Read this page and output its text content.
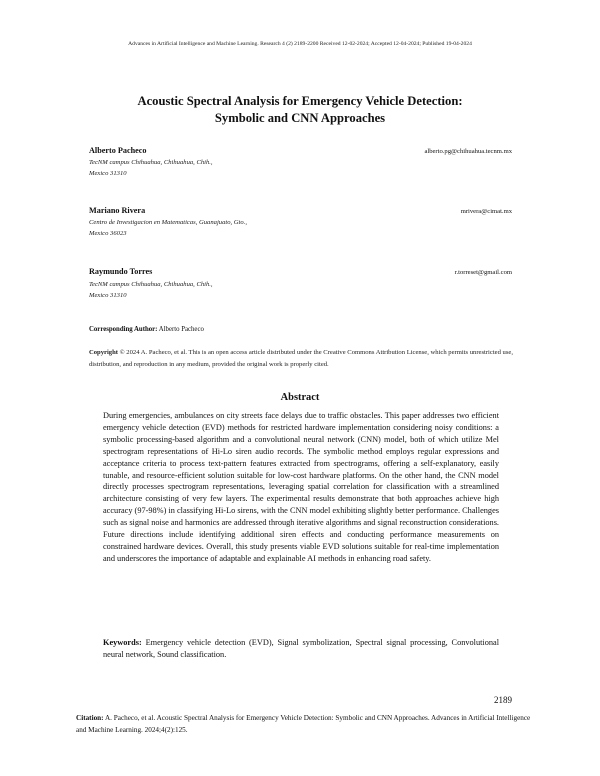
Advances in Artificial Intelligence and Machine Learning. Research 4 (2) 2189-2200 Received 12-02-2024; Accepted 12-04-2024; Published 19-04-2024
Acoustic Spectral Analysis for Emergency Vehicle Detection:
Symbolic and CNN Approaches
Alberto Pacheco	alberto.pg@chihuahua.tecnm.mx
TecNM campus Chihuahua, Chihuahua, Chih.,
Mexico 31310
Mariano Rivera	mrivera@cimat.mx
Centro de Investigacion en Matematicas, Guanajuato, Gto.,
Mexico 36023
Raymundo Torres	r.torreset@gmail.com
TecNM campus Chihuahua, Chihuahua, Chih.,
Mexico 31310
Corresponding Author: Alberto Pacheco
Copyright © 2024 A. Pacheco, et al. This is an open access article distributed under the Creative Commons Attribution License, which permits unrestricted use, distribution, and reproduction in any medium, provided the original work is properly cited.
Abstract
During emergencies, ambulances on city streets face delays due to traffic obstacles. This paper addresses two efficient emergency vehicle detection (EVD) methods for restricted hardware implementation considering noisy conditions: a symbolic processing-based algorithm and a convolutional neural network (CNN) model, both of which utilize Mel spectrogram representations of Hi-Lo siren audio records. The symbolic method employs regular expressions and acceptance criteria to process text-pattern features extracted from spectrograms, offering a self-explanatory, easily tunable, and resource-efficient solution suitable for low-cost hardware platforms. On the other hand, the CNN model directly processes spectrogram representations, leveraging spatial correlation for classification with a streamlined architecture consisting of very few layers. The experimental results demonstrate that both approaches achieve high accuracy (97-98%) in classifying Hi-Lo sirens, with the CNN model exhibiting slightly better performance. Challenges such as signal noise and harmonics are addressed through iterative algorithms and signal reconstruction considerations. Future directions include identifying additional siren effects and conducting performance measurements on constrained hardware devices. Overall, this study presents viable EVD solutions suitable for real-time implementation and underscores the importance of adaptable and explainable AI methods in enhancing road safety.
Keywords: Emergency vehicle detection (EVD), Signal symbolization, Spectral signal processing, Convolutional neural network, Sound classification.
2189
Citation: A. Pacheco, et al. Acoustic Spectral Analysis for Emergency Vehicle Detection: Symbolic and CNN Approaches. Advances in Artificial Intelligence and Machine Learning. 2024;4(2):125.
